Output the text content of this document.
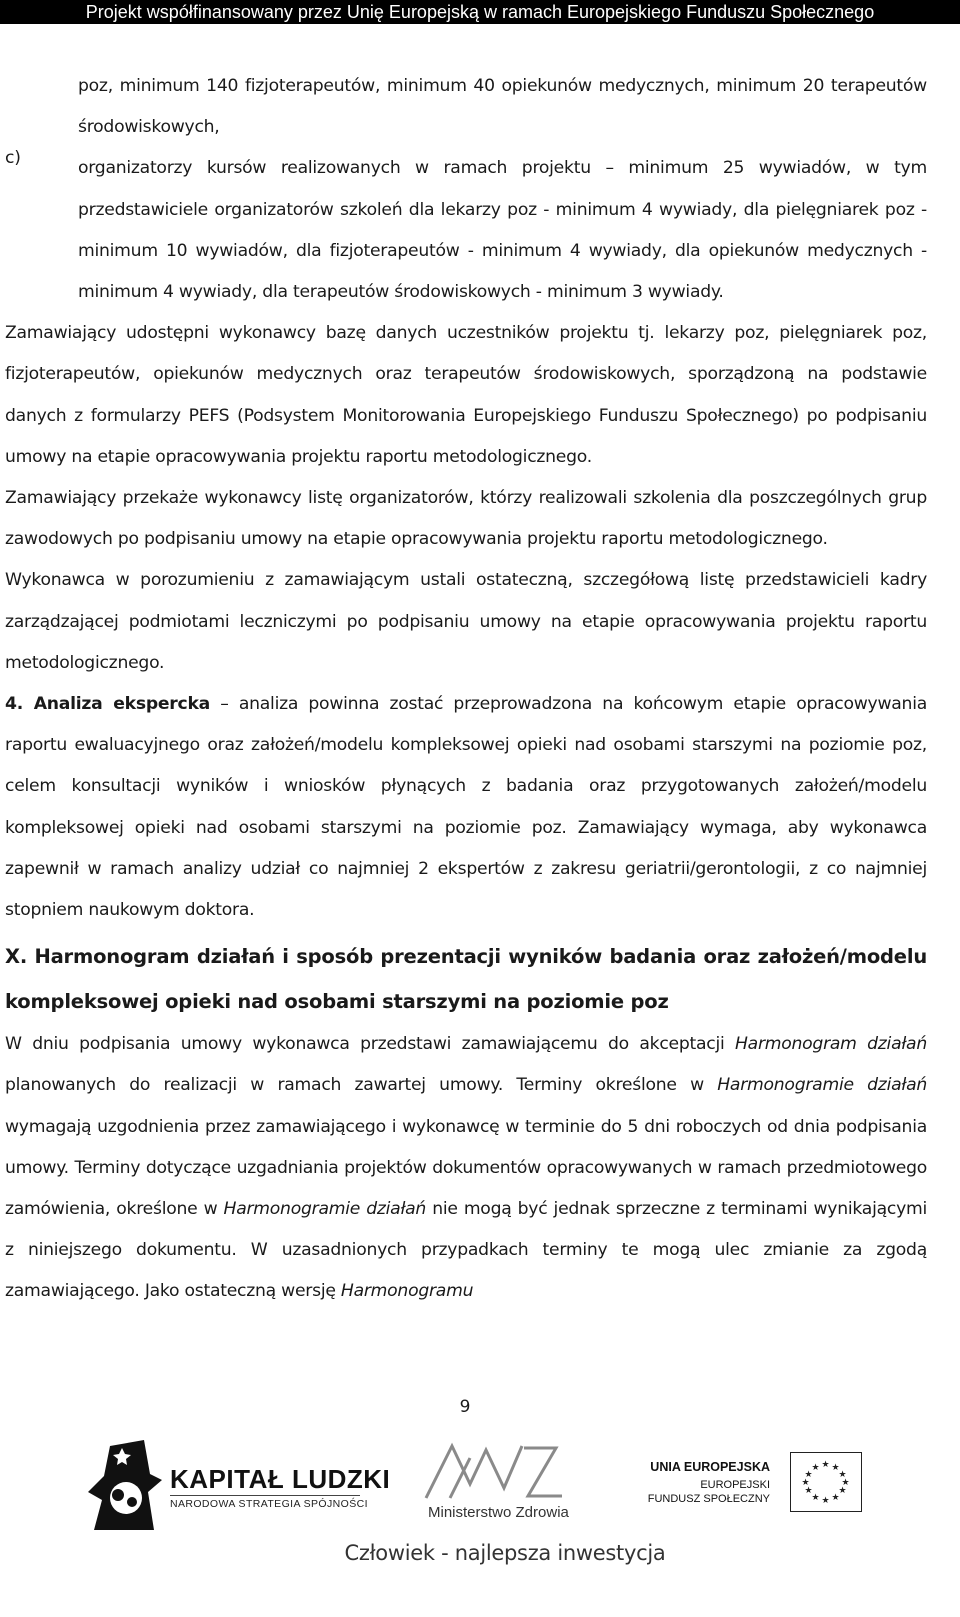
Projekt współfinansowany przez Unię Europejską w ramach Europejskiego Funduszu Społecznego

poz, minimum 140 fizjoterapeutów, minimum 40 opiekunów medycznych, minimum 20 terapeutów środowiskowych,

c)	organizatorzy kursów realizowanych w ramach projektu – minimum 25 wywiadów, w tym przedstawiciele organizatorów szkoleń dla lekarzy poz - minimum 4 wywiady, dla pielęgniarek poz - minimum 10 wywiadów, dla fizjoterapeutów - minimum 4 wywiady, dla opiekunów medycznych - minimum 4 wywiady, dla terapeutów środowiskowych - minimum 3 wywiady.

Zamawiający udostępni wykonawcy bazę danych uczestników projektu tj. lekarzy poz, pielęgniarek poz, fizjoterapeutów, opiekunów medycznych oraz terapeutów środowiskowych, sporządzoną na podstawie danych z formularzy PEFS (Podsystem Monitorowania Europejskiego Funduszu Społecznego) po podpisaniu umowy na etapie opracowywania projektu raportu metodologicznego.

Zamawiający przekaże wykonawcy listę organizatorów, którzy realizowali szkolenia dla poszczególnych grup zawodowych po podpisaniu umowy na etapie opracowywania projektu raportu metodologicznego.

Wykonawca w porozumieniu z zamawiającym ustali ostateczną, szczegółową listę przedstawicieli kadry zarządzającej podmiotami leczniczymi po podpisaniu umowy na etapie opracowywania projektu raportu metodologicznego.

4. Analiza ekspercka – analiza powinna zostać przeprowadzona na końcowym etapie opracowywania raportu ewaluacyjnego oraz założeń/modelu kompleksowej opieki nad osobami starszymi na poziomie poz, celem konsultacji wyników i wniosków płynących z badania oraz przygotowanych założeń/modelu kompleksowej opieki nad osobami starszymi na poziomie poz. Zamawiający wymaga, aby wykonawca zapewnił w ramach analizy udział co najmniej 2 ekspertów z zakresu geriatrii/gerontologii, z co najmniej stopniem naukowym doktora.

X. Harmonogram działań i sposób prezentacji wyników badania oraz założeń/modelu kompleksowej opieki nad osobami starszymi na poziomie poz

W dniu podpisania umowy wykonawca przedstawi zamawiającemu do akceptacji Harmonogram działań planowanych do realizacji w ramach zawartej umowy. Terminy określone w Harmonogramie działań wymagają uzgodnienia przez zamawiającego i wykonawcę w terminie do 5 dni roboczych od dnia podpisania umowy. Terminy dotyczące uzgadniania projektów dokumentów opracowywanych w ramach przedmiotowego zamówienia, określone w Harmonogramie działań nie mogą być jednak sprzeczne z terminami wynikającymi z niniejszego dokumentu. W uzasadnionych przypadkach terminy te mogą ulec zmianie za zgodą zamawiającego. Jako ostateczną wersję Harmonogramu

9
KAPITAŁ LUDZKI
NARODOWA STRATEGIA SPÓJNOŚCI	Ministerstwo Zdrowia
UNIA EUROPEJSKA
EUROPEJSKI
FUNDUSZ SPOŁECZNY
★ ★
★
★
★
★
★
★
★
★
★
★
Człowiek - najlepsza inwestycja
